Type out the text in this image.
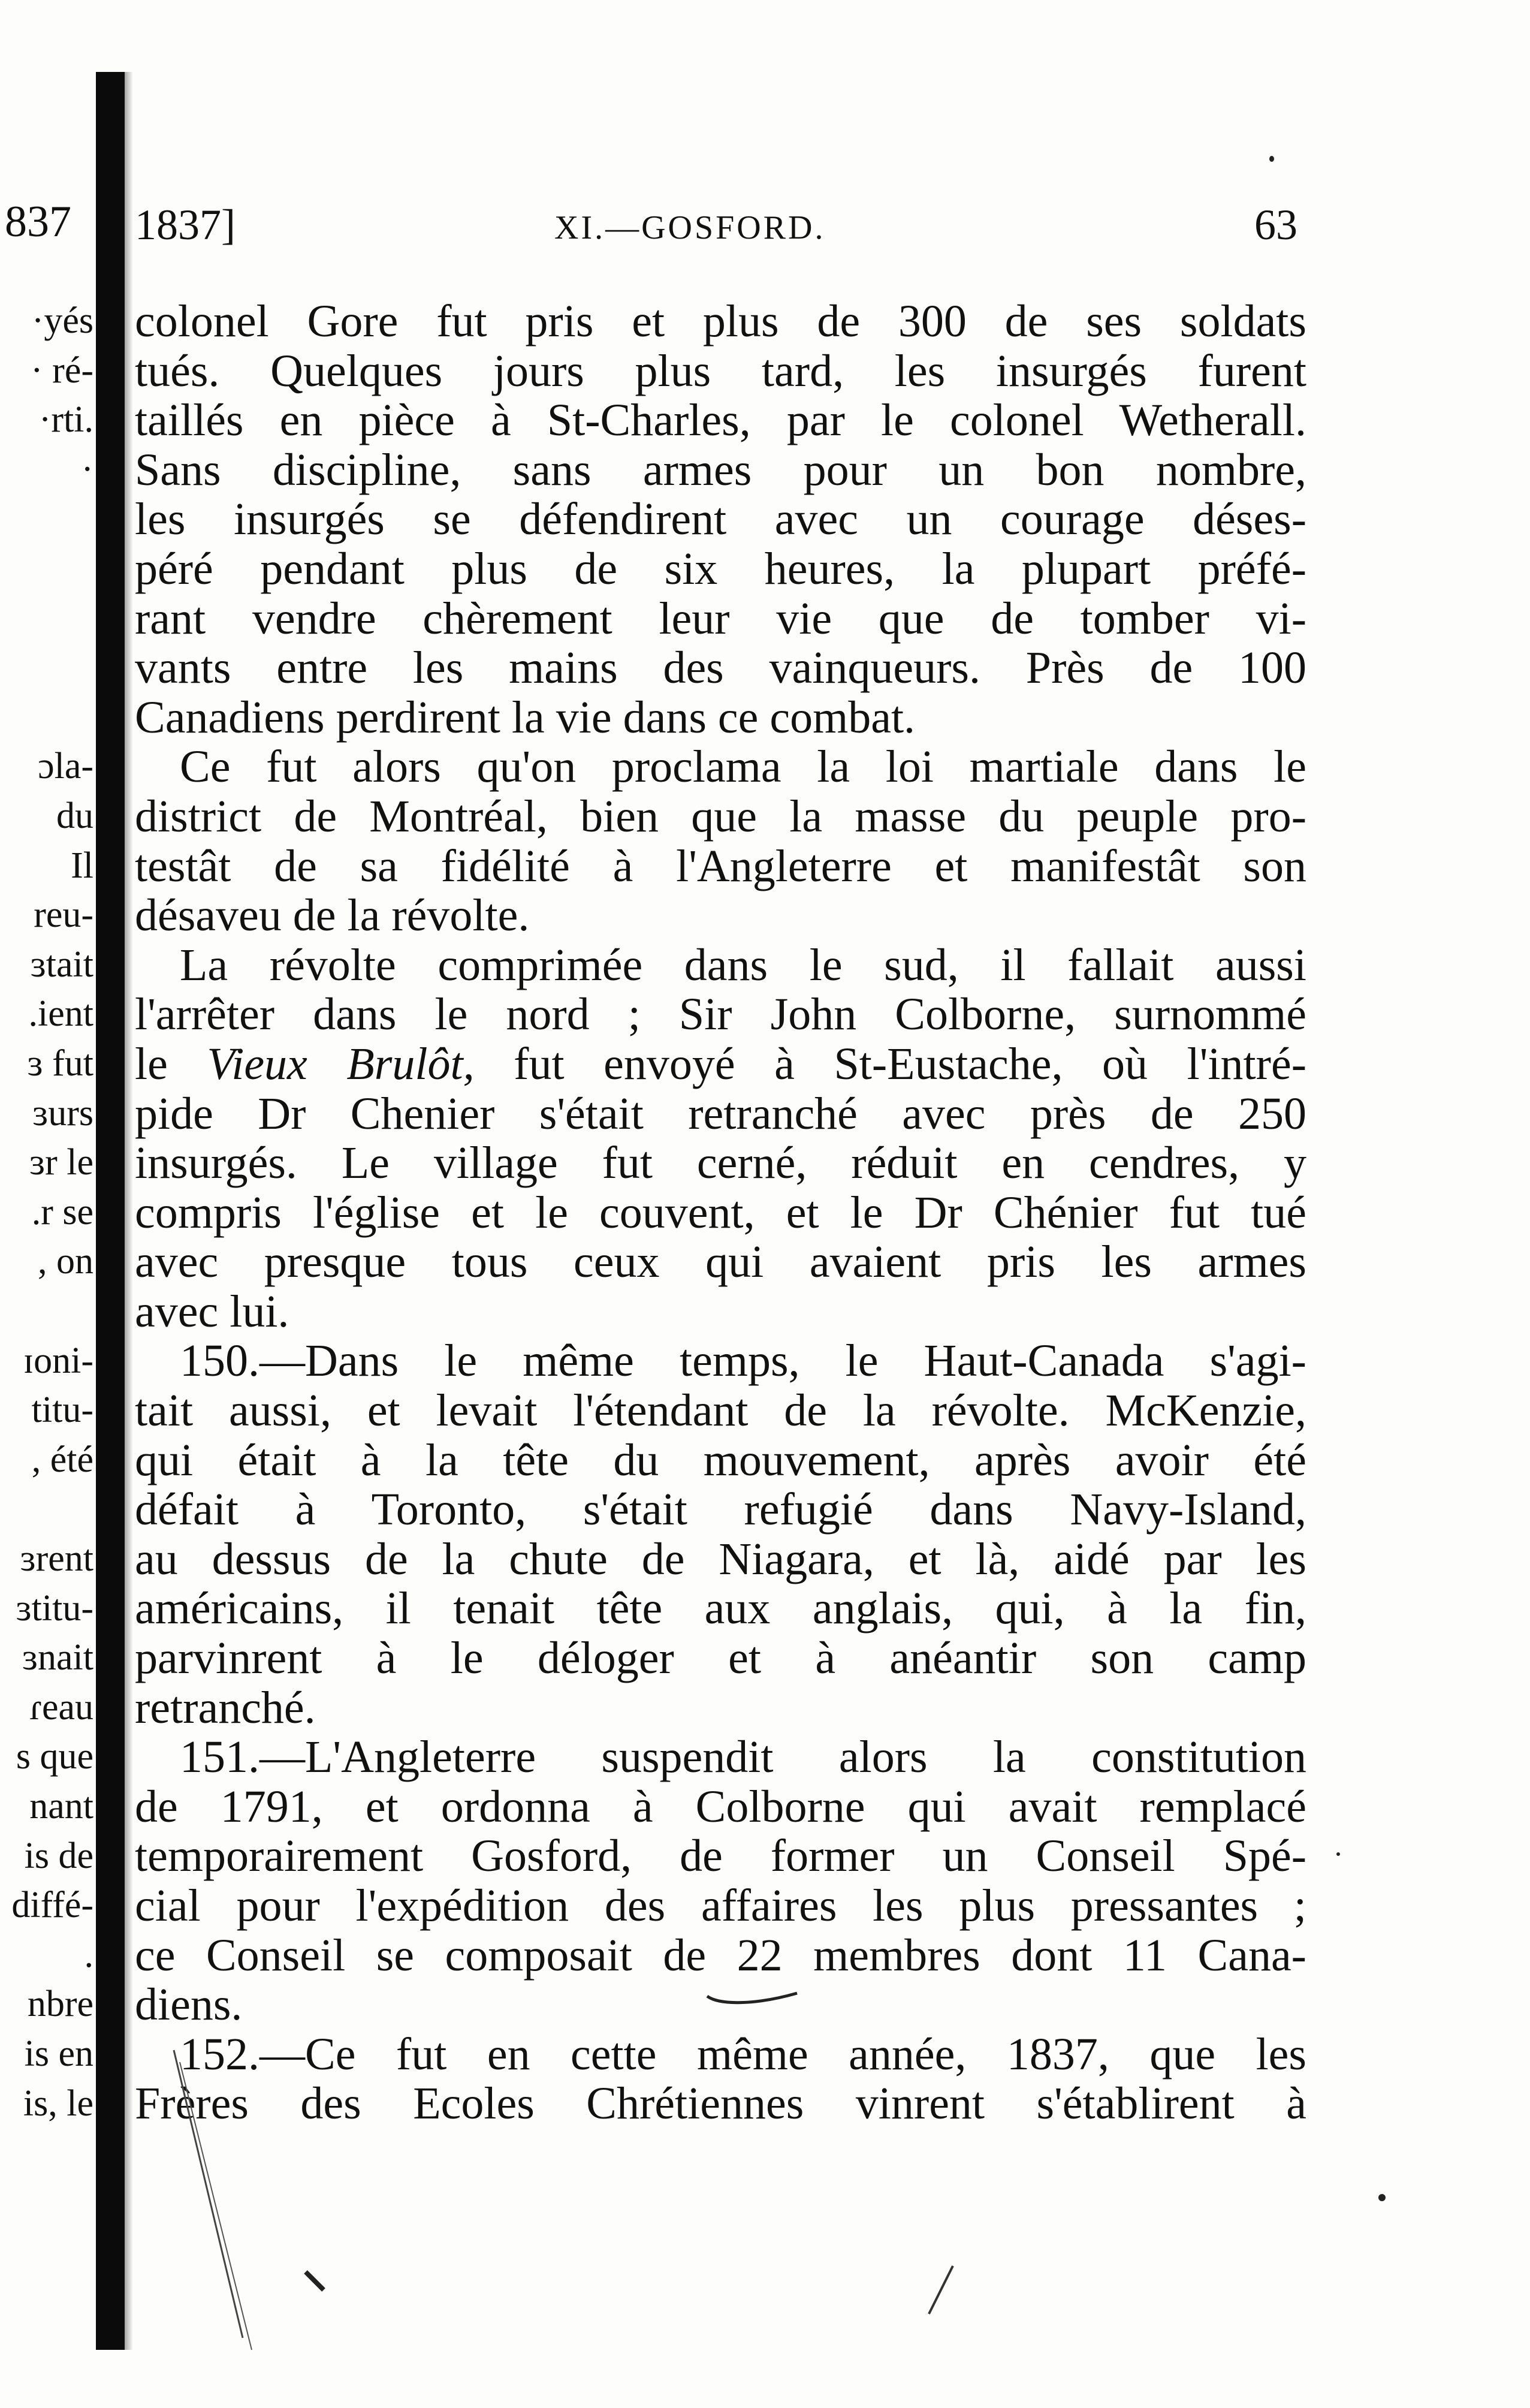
837
·yés
· ré-
·rti.
·
ɔla-
du
Il
reu-
ɜtait
.ient
ɜ fut
ɜurs
ɜr le
.r se
, on
ɪoni-
titu-
, été
ɜrent
ɜtitu-
ɜnait
ɾeau
s que
nant
is de
diffé-
.
nbre
is en
is, le
1837]	XI.—GOSFORD.	63
colonel Gore fut pris et plus de 300 de ses soldats
tués. Quelques jours plus tard, les insurgés furent
taillés en pièce à St-Charles, par le colonel Wetherall.
Sans discipline, sans armes pour un bon nombre,
les insurgés se défendirent avec un courage déses-
péré pendant plus de six heures, la plupart préfé-
rant vendre chèrement leur vie que de tomber vi-
vants entre les mains des vainqueurs. Près de 100
Canadiens perdirent la vie dans ce combat.
Ce fut alors qu'on proclama la loi martiale dans le
district de Montréal, bien que la masse du peuple pro-
testât de sa fidélité à l'Angleterre et manifestât son
désaveu de la révolte.
La révolte comprimée dans le sud, il fallait aussi
l'arrêter dans le nord ; Sir John Colborne, surnommé
le Vieux Brulôt, fut envoyé à St-Eustache, où l'intré-
pide Dr Chenier s'était retranché avec près de 250
insurgés. Le village fut cerné, réduit en cendres, y
compris l'église et le couvent, et le Dr Chénier fut tué
avec presque tous ceux qui avaient pris les armes
avec lui.
150.—Dans le même temps, le Haut-Canada s'agi-
tait aussi, et levait l'étendant de la révolte. McKenzie,
qui était à la tête du mouvement, après avoir été
défait à Toronto, s'était refugié dans Navy-Island,
au dessus de la chute de Niagara, et là, aidé par les
américains, il tenait tête aux anglais, qui, à la fin,
parvinrent à le déloger et à anéantir son camp
retranché.
151.—L'Angleterre suspendit alors la constitution
de 1791, et ordonna à Colborne qui avait remplacé
temporairement Gosford, de former un Conseil Spé-
cial pour l'expédition des affaires les plus pressantes ;
ce Conseil se composait de 22 membres dont 11 Cana-
diens.
152.—Ce fut en cette même année, 1837, que les
Frères des Ecoles Chrétiennes vinrent s'établirent à
